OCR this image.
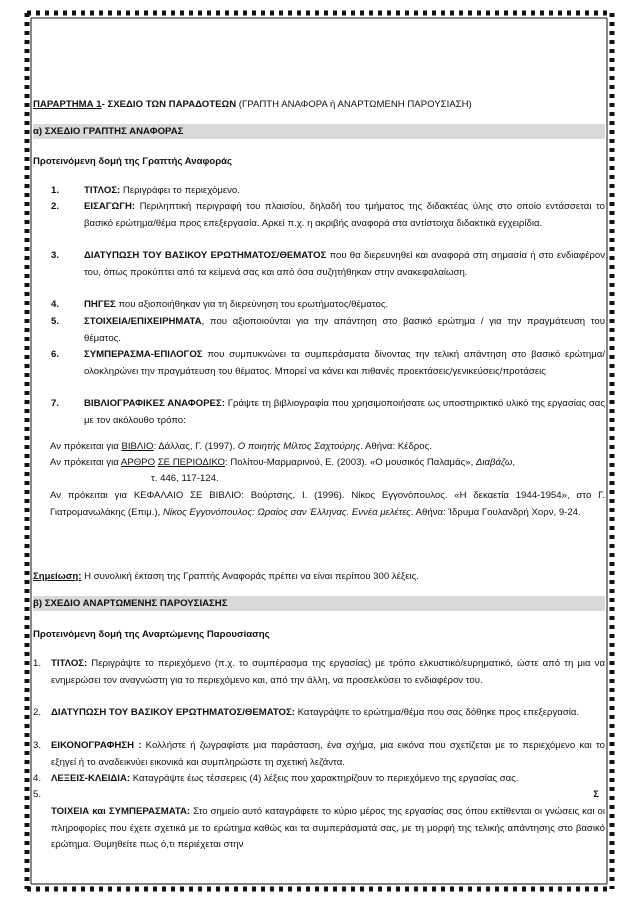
ΠΑΡΑΡΤΗΜΑ 1- ΣΧΕΔΙΟ ΤΩΝ ΠΑΡΑΔΟΤΕΩΝ (ΓΡΑΠΤΗ ΑΝΑΦΟΡΑ ή ΑΝΑΡΤΩΜΕΝΗ ΠΑΡΟΥΣΙΑΣΗ)
α) ΣΧΕΔΙΟ ΓΡΑΠΤΗΣ ΑΝΑΦΟΡΑΣ
Προτεινόμενη δομή της Γραπτής Αναφοράς
1.	ΤΙΤΛΟΣ: Περιγράφει το περιεχόμενο.
2.	ΕΙΣΑΓΩΓΗ: Περιληπτική περιγραφή του πλαισίου, δηλαδή του τμήματος της διδακτέας ύλης στο οποίο εντάσσεται το βασικό ερώτημα/θέμα προς επεξεργασία. Αρκεί π.χ. η ακριβής αναφορά στα αντίστοιχα διδακτικά εγχειρίδια.
3.	ΔΙΑΤΥΠΩΣΗ ΤΟΥ ΒΑΣΙΚΟΥ ΕΡΩΤΗΜΑΤΟΣ/ΘΕΜΑΤΟΣ που θα διερευνηθεί και αναφορά στη σημασία ή στο ενδιαφέρον του, όπως προκύπτει από τα κείμενά σας και από όσα συζητήθηκαν στην ανακεφαλαίωση.
4.	ΠΗΓΕΣ που αξιοποιήθηκαν για τη διερεύνηση του ερωτήματος/θέματος.
5.	ΣΤΟΙΧΕΙΑ/ΕΠΙΧΕΙΡΗΜΑΤΑ, που αξιοποιούνται για την απάντηση στο βασικό ερώτημα / για την πραγμάτευση του θέματος.
6.	ΣΥΜΠΕΡΑΣΜΑ-ΕΠΙΛΟΓΟΣ που συμπυκνώνει τα συμπεράσματα δίνοντας την τελική απάντηση στο βασικό ερώτημα/ ολοκληρώνει την πραγμάτευση του θέματος. Μπορεί να κάνει και πιθανές προεκτάσεις/γενικεύσεις/προτάσεις
7.	ΒΙΒΛΙΟΓΡΑΦΙΚΕΣ ΑΝΑΦΟΡΕΣ: Γράψτε τη βιβλιογραφία που χρησιμοποιήσατε ως υποστηρικτικό υλικό της εργασίας σας με τον ακόλουθο τρόπο:
Αν πρόκειται για ΒΙΒΛΙΟ: Δάλλας, Γ. (1997). Ο ποιητής Μίλτος Σαχτούρης. Αθήνα: Κέδρος.
Αν πρόκειται για ΑΡΘΡΟ ΣΕ ΠΕΡΙΟΔΙΚΟ: Πολίτου-Μαρμαρινού, Ε. (2003). «Ο μουσικός Παλαμάς», Διαβάζω,
τ. 446, 117-124.
Αν πρόκειται για ΚΕΦΑΛΑΙΟ ΣΕ ΒΙΒΛΙΟ: Βούρτσης, Ι. (1996). Νίκος Εγγονόπουλος. «Η δεκαετία 1944-1954», στο Γ. Γιατρομανωλάκης (Επιμ.), Νίκος Εγγονόπουλος: Ωραίος σαν Έλληνας. Εννέα μελέτες. Αθήνα: Ίδρυμα Γουλανδρή Χορν, 9-24.
Σημείωση: Η συνολική έκταση της Γραπτής Αναφοράς πρέπει να είναι περίπου 300 λέξεις.
β) ΣΧΕΔΙΟ ΑΝΑΡΤΩΜΕΝΗΣ ΠΑΡΟΥΣΙΑΣΗΣ
Προτεινόμενη δομή της Αναρτώμενης Παρουσίασης
1. ΤΙΤΛΟΣ: Περιγράψτε το περιεχόμενο (π.χ. το συμπέρασμα της εργασίας) με τρόπο ελκυστικό/ευρηματικό, ώστε από τη μια να ενημερώσει τον αναγνώστη για το περιεχόμενο και, από την άλλη, να προσελκύσει το ενδιαφέρον του.
2. ΔΙΑΤΥΠΩΣΗ ΤΟΥ ΒΑΣΙΚΟΥ ΕΡΩΤΗΜΑΤΟΣ/ΘΕΜΑΤΟΣ: Καταγράψτε το ερώτημα/θέμα που σας δόθηκε προς επεξεργασία.
3. ΕΙΚΟΝΟΓΡΑΦΗΣΗ : Κολλήστε ή ζωγραφίστε μια παράσταση, ένα σχήμα, μια εικόνα που σχετίζεται με το περιεχόμενο και το εξηγεί ή το αναδεικνύει εικονικά και συμπληρώστε τη σχετική λεζάντα.
4. ΛΕΞΕΙΣ-ΚΛΕΙΔΙΑ: Καταγράψτε έως τέσσερεις (4) λέξεις που χαρακτηρίζουν το περιεχόμενο της εργασίας σας.
5.	Σ
ΤΟΙΧΕΙΑ και ΣΥΜΠΕΡΑΣΜΑΤΑ: Στο σημείο αυτό καταγράφετε το κύριο μέρος της εργασίας σας όπου εκτίθενται οι γνώσεις και οι πληροφορίες που έχετε σχετικά με το ερώτημα καθώς και τα συμπεράσματά σας, με τη μορφή της τελικής απάντησης στο βασικό ερώτημα. Θυμηθείτε πως ό,τι περιέχεται στην
